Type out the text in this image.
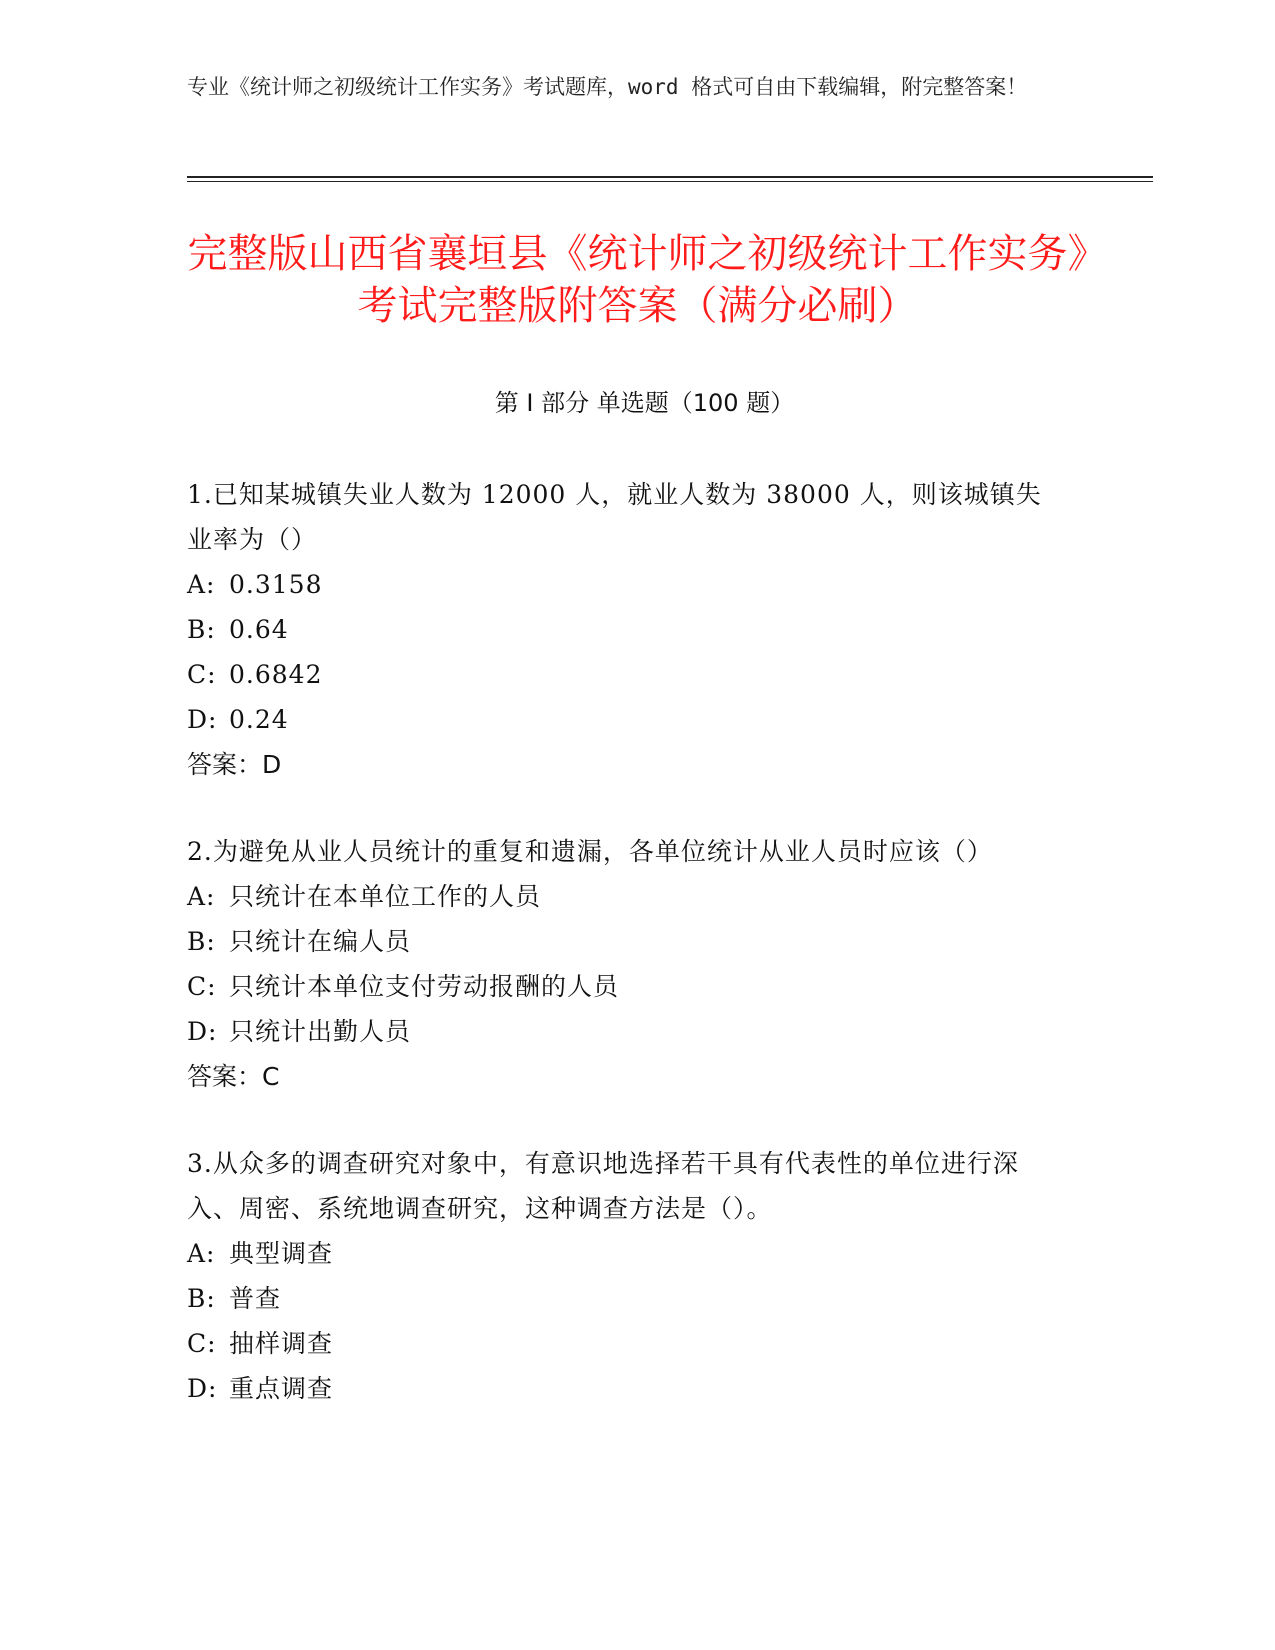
专业《统计师之初级统计工作实务》考试题库，word 格式可自由下载编辑，附完整答案！
完整版山西省襄垣县《统计师之初级统计工作实务》考试完整版附答案（满分必刷）
第 I 部分 单选题（100 题）

1.已知某城镇失业人数为 12000 人，就业人数为 38000 人，则该城镇失业率为（）

A: 0.3158

B: 0.64

C: 0.6842

D: 0.24

答案：D

2.为避免从业人员统计的重复和遗漏，各单位统计从业人员时应该（）

A: 只统计在本单位工作的人员

B: 只统计在编人员

C: 只统计本单位支付劳动报酬的人员

D: 只统计出勤人员

答案：C

3.从众多的调查研究对象中，有意识地选择若干具有代表性的单位进行深入、周密、系统地调查研究，这种调查方法是（）。

A: 典型调查

B: 普查

C: 抽样调查

D: 重点调查
